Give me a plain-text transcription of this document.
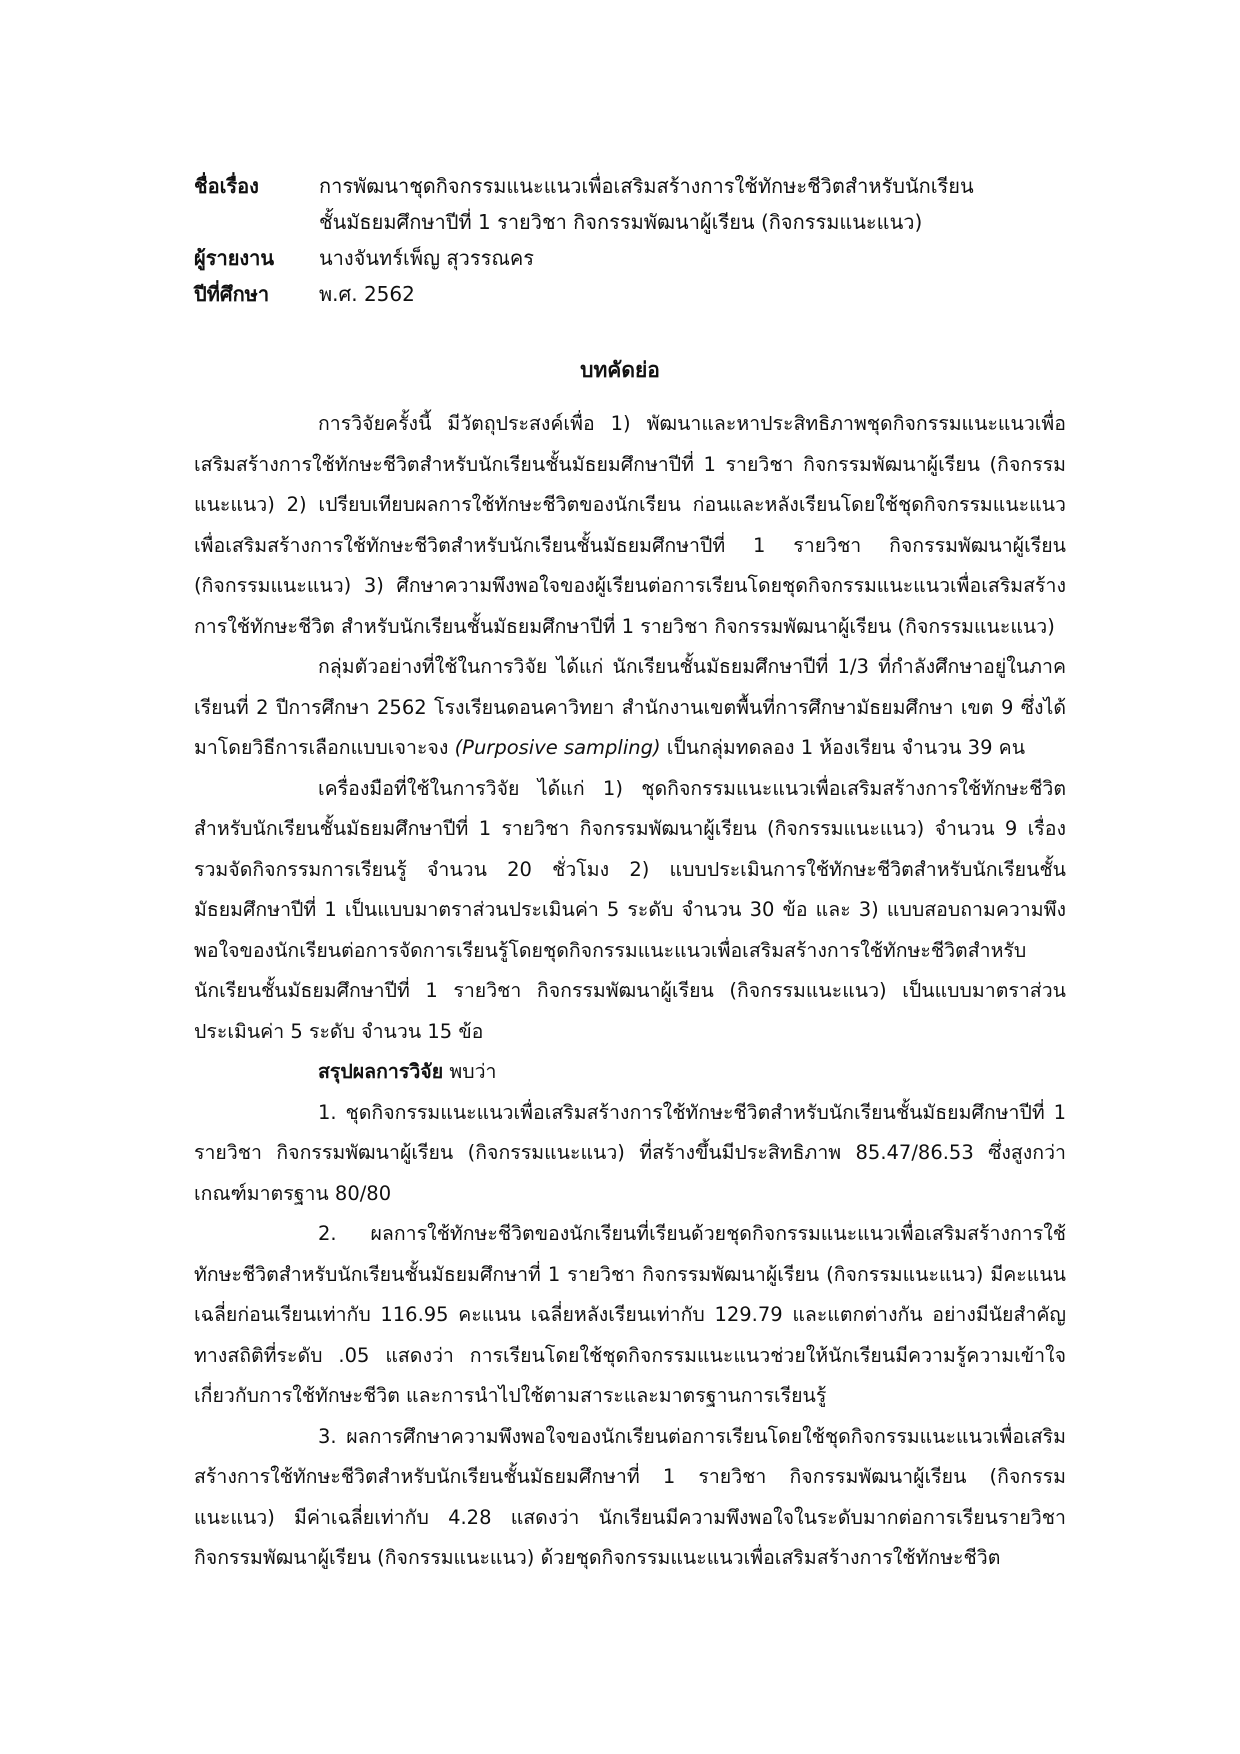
ชื่อเรื่อง	การพัฒนาชุดกิจกรรมแนะแนวเพื่อเสริมสร้างการใช้ทักษะชีวิตสำหรับนักเรียน
ชั้นมัธยมศึกษาปีที่ 1 รายวิชา กิจกรรมพัฒนาผู้เรียน (กิจกรรมแนะแนว)
ผู้รายงาน	นางจันทร์เพ็ญ สุวรรณคร
ปีที่ศึกษา	พ.ศ. 2562
บทคัดย่อ

การวิจัยครั้งนี้ มีวัตถุประสงค์เพื่อ 1) พัฒนาและหาประสิทธิภาพชุดกิจกรรมแนะแนวเพื่อเสริมสร้างการใช้ทักษะชีวิตสำหรับนักเรียนชั้นมัธยมศึกษาปีที่ 1 รายวิชา กิจกรรมพัฒนาผู้เรียน (กิจกรรมแนะแนว) 2) เปรียบเทียบผลการใช้ทักษะชีวิตของนักเรียน ก่อนและหลังเรียนโดยใช้ชุดกิจกรรมแนะแนวเพื่อเสริมสร้างการใช้ทักษะชีวิตสำหรับนักเรียนชั้นมัธยมศึกษาปีที่ 1 รายวิชา กิจกรรมพัฒนาผู้เรียน (กิจกรรมแนะแนว) 3) ศึกษาความพึงพอใจของผู้เรียนต่อการเรียนโดยชุดกิจกรรมแนะแนวเพื่อเสริมสร้างการใช้ทักษะชีวิต สำหรับนักเรียนชั้นมัธยมศึกษาปีที่ 1 รายวิชา กิจกรรมพัฒนาผู้เรียน (กิจกรรมแนะแนว)

กลุ่มตัวอย่างที่ใช้ในการวิจัย ได้แก่ นักเรียนชั้นมัธยมศึกษาปีที่ 1/3 ที่กำลังศึกษาอยู่ในภาคเรียนที่ 2 ปีการศึกษา 2562 โรงเรียนดอนคาวิทยา สำนักงานเขตพื้นที่การศึกษามัธยมศึกษา เขต 9 ซึ่งได้มาโดยวิธีการเลือกแบบเจาะจง (Purposive sampling) เป็นกลุ่มทดลอง 1 ห้องเรียน จำนวน 39 คน

เครื่องมือที่ใช้ในการวิจัย ได้แก่ 1) ชุดกิจกรรมแนะแนวเพื่อเสริมสร้างการใช้ทักษะชีวิตสำหรับนักเรียนชั้นมัธยมศึกษาปีที่ 1 รายวิชา กิจกรรมพัฒนาผู้เรียน (กิจกรรมแนะแนว) จำนวน 9 เรื่อง รวมจัดกิจกรรมการเรียนรู้ จำนวน 20 ชั่วโมง 2) แบบประเมินการใช้ทักษะชีวิตสำหรับนักเรียนชั้นมัธยมศึกษาปีที่ 1 เป็นแบบมาตราส่วนประเมินค่า 5 ระดับ จำนวน 30 ข้อ และ 3) แบบสอบถามความพึงพอใจของนักเรียนต่อการจัดการเรียนรู้โดยชุดกิจกรรมแนะแนวเพื่อเสริมสร้างการใช้ทักษะชีวิตสำหรับนักเรียนชั้นมัธยมศึกษาปีที่ 1 รายวิชา กิจกรรมพัฒนาผู้เรียน (กิจกรรมแนะแนว) เป็นแบบมาตราส่วนประเมินค่า 5 ระดับ จำนวน 15 ข้อ

สรุปผลการวิจัย พบว่า

1. ชุดกิจกรรมแนะแนวเพื่อเสริมสร้างการใช้ทักษะชีวิตสำหรับนักเรียนชั้นมัธยมศึกษาปีที่ 1 รายวิชา กิจกรรมพัฒนาผู้เรียน (กิจกรรมแนะแนว) ที่สร้างขึ้นมีประสิทธิภาพ 85.47/86.53 ซึ่งสูงกว่าเกณฑ์มาตรฐาน 80/80

2. ผลการใช้ทักษะชีวิตของนักเรียนที่เรียนด้วยชุดกิจกรรมแนะแนวเพื่อเสริมสร้างการใช้ทักษะชีวิตสำหรับนักเรียนชั้นมัธยมศึกษาที่ 1 รายวิชา กิจกรรมพัฒนาผู้เรียน (กิจกรรมแนะแนว) มีคะแนนเฉลี่ยก่อนเรียนเท่ากับ 116.95 คะแนน เฉลี่ยหลังเรียนเท่ากับ 129.79 และแตกต่างกัน อย่างมีนัยสำคัญทางสถิติที่ระดับ .05 แสดงว่า การเรียนโดยใช้ชุดกิจกรรมแนะแนวช่วยให้นักเรียนมีความรู้ความเข้าใจเกี่ยวกับการใช้ทักษะชีวิต และการนำไปใช้ตามสาระและมาตรฐานการเรียนรู้

3. ผลการศึกษาความพึงพอใจของนักเรียนต่อการเรียนโดยใช้ชุดกิจกรรมแนะแนวเพื่อเสริมสร้างการใช้ทักษะชีวิตสำหรับนักเรียนชั้นมัธยมศึกษาที่ 1 รายวิชา กิจกรรมพัฒนาผู้เรียน (กิจกรรมแนะแนว) มีค่าเฉลี่ยเท่ากับ 4.28 แสดงว่า นักเรียนมีความพึงพอใจในระดับมากต่อการเรียนรายวิชา กิจกรรมพัฒนาผู้เรียน (กิจกรรมแนะแนว) ด้วยชุดกิจกรรมแนะแนวเพื่อเสริมสร้างการใช้ทักษะชีวิต
